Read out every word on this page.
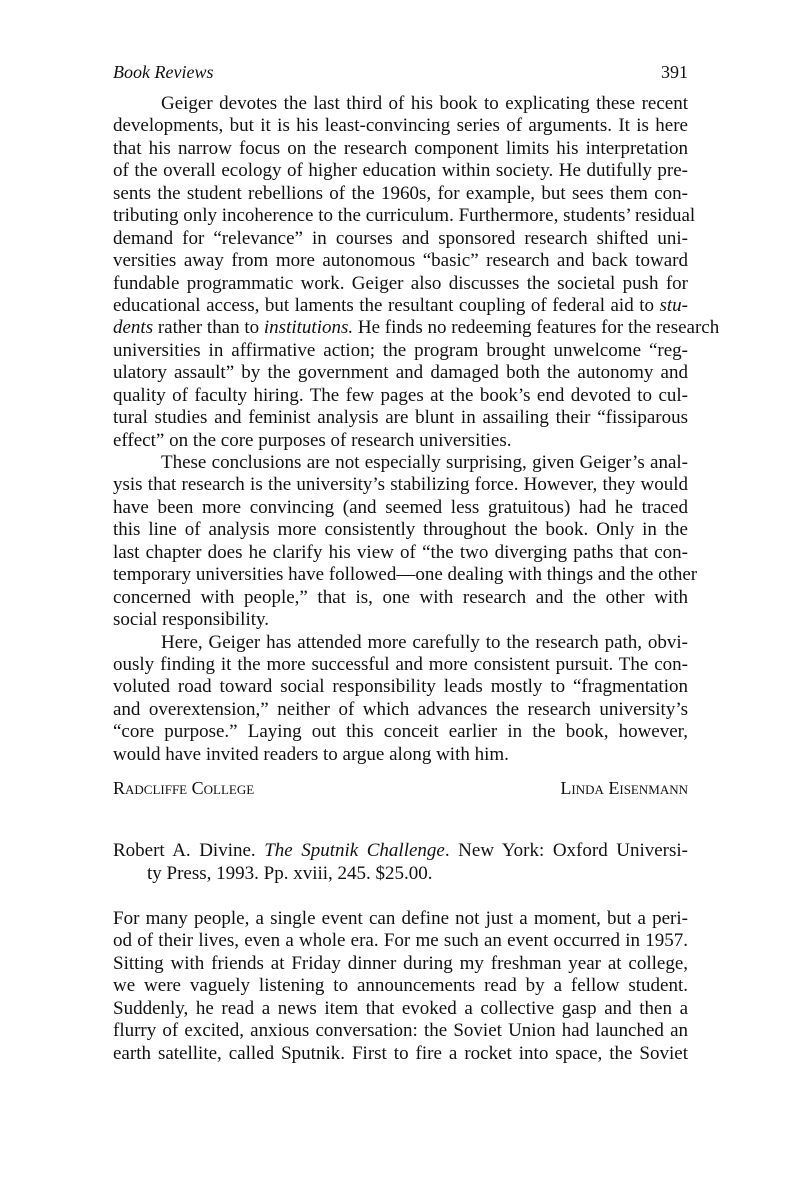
Book Reviews	391
Geiger devotes the last third of his book to explicating these recent
developments, but it is his least-convincing series of arguments. It is here
that his narrow focus on the research component limits his interpretation
of the overall ecology of higher education within society. He dutifully pre-
sents the student rebellions of the 1960s, for example, but sees them con-
tributing only incoherence to the curriculum. Furthermore, students’ residual
demand for “relevance” in courses and sponsored research shifted uni-
versities away from more autonomous “basic” research and back toward
fundable programmatic work. Geiger also discusses the societal push for
educational access, but laments the resultant coupling of federal aid to stu-
dents rather than to institutions. He finds no redeeming features for the research
universities in affirmative action; the program brought unwelcome “reg-
ulatory assault” by the government and damaged both the autonomy and
quality of faculty hiring. The few pages at the book’s end devoted to cul-
tural studies and feminist analysis are blunt in assailing their “fissiparous
effect” on the core purposes of research universities.
These conclusions are not especially surprising, given Geiger’s anal-
ysis that research is the university’s stabilizing force. However, they would
have been more convincing (and seemed less gratuitous) had he traced
this line of analysis more consistently throughout the book. Only in the
last chapter does he clarify his view of “the two diverging paths that con-
temporary universities have followed—one dealing with things and the other
concerned with people,” that is, one with research and the other with
social responsibility.
Here, Geiger has attended more carefully to the research path, obvi-
ously finding it the more successful and more consistent pursuit. The con-
voluted road toward social responsibility leads mostly to “fragmentation
and overextension,” neither of which advances the research university’s
“core purpose.” Laying out this conceit earlier in the book, however,
would have invited readers to argue along with him.
Radcliffe College	Linda Eisenmann
Robert A. Divine. The Sputnik Challenge. New York: Oxford Universi-
ty Press, 1993. Pp. xviii, 245. $25.00.
For many people, a single event can define not just a moment, but a peri-
od of their lives, even a whole era. For me such an event occurred in 1957.
Sitting with friends at Friday dinner during my freshman year at college,
we were vaguely listening to announcements read by a fellow student.
Suddenly, he read a news item that evoked a collective gasp and then a
flurry of excited, anxious conversation: the Soviet Union had launched an
earth satellite, called Sputnik. First to fire a rocket into space, the Soviet
